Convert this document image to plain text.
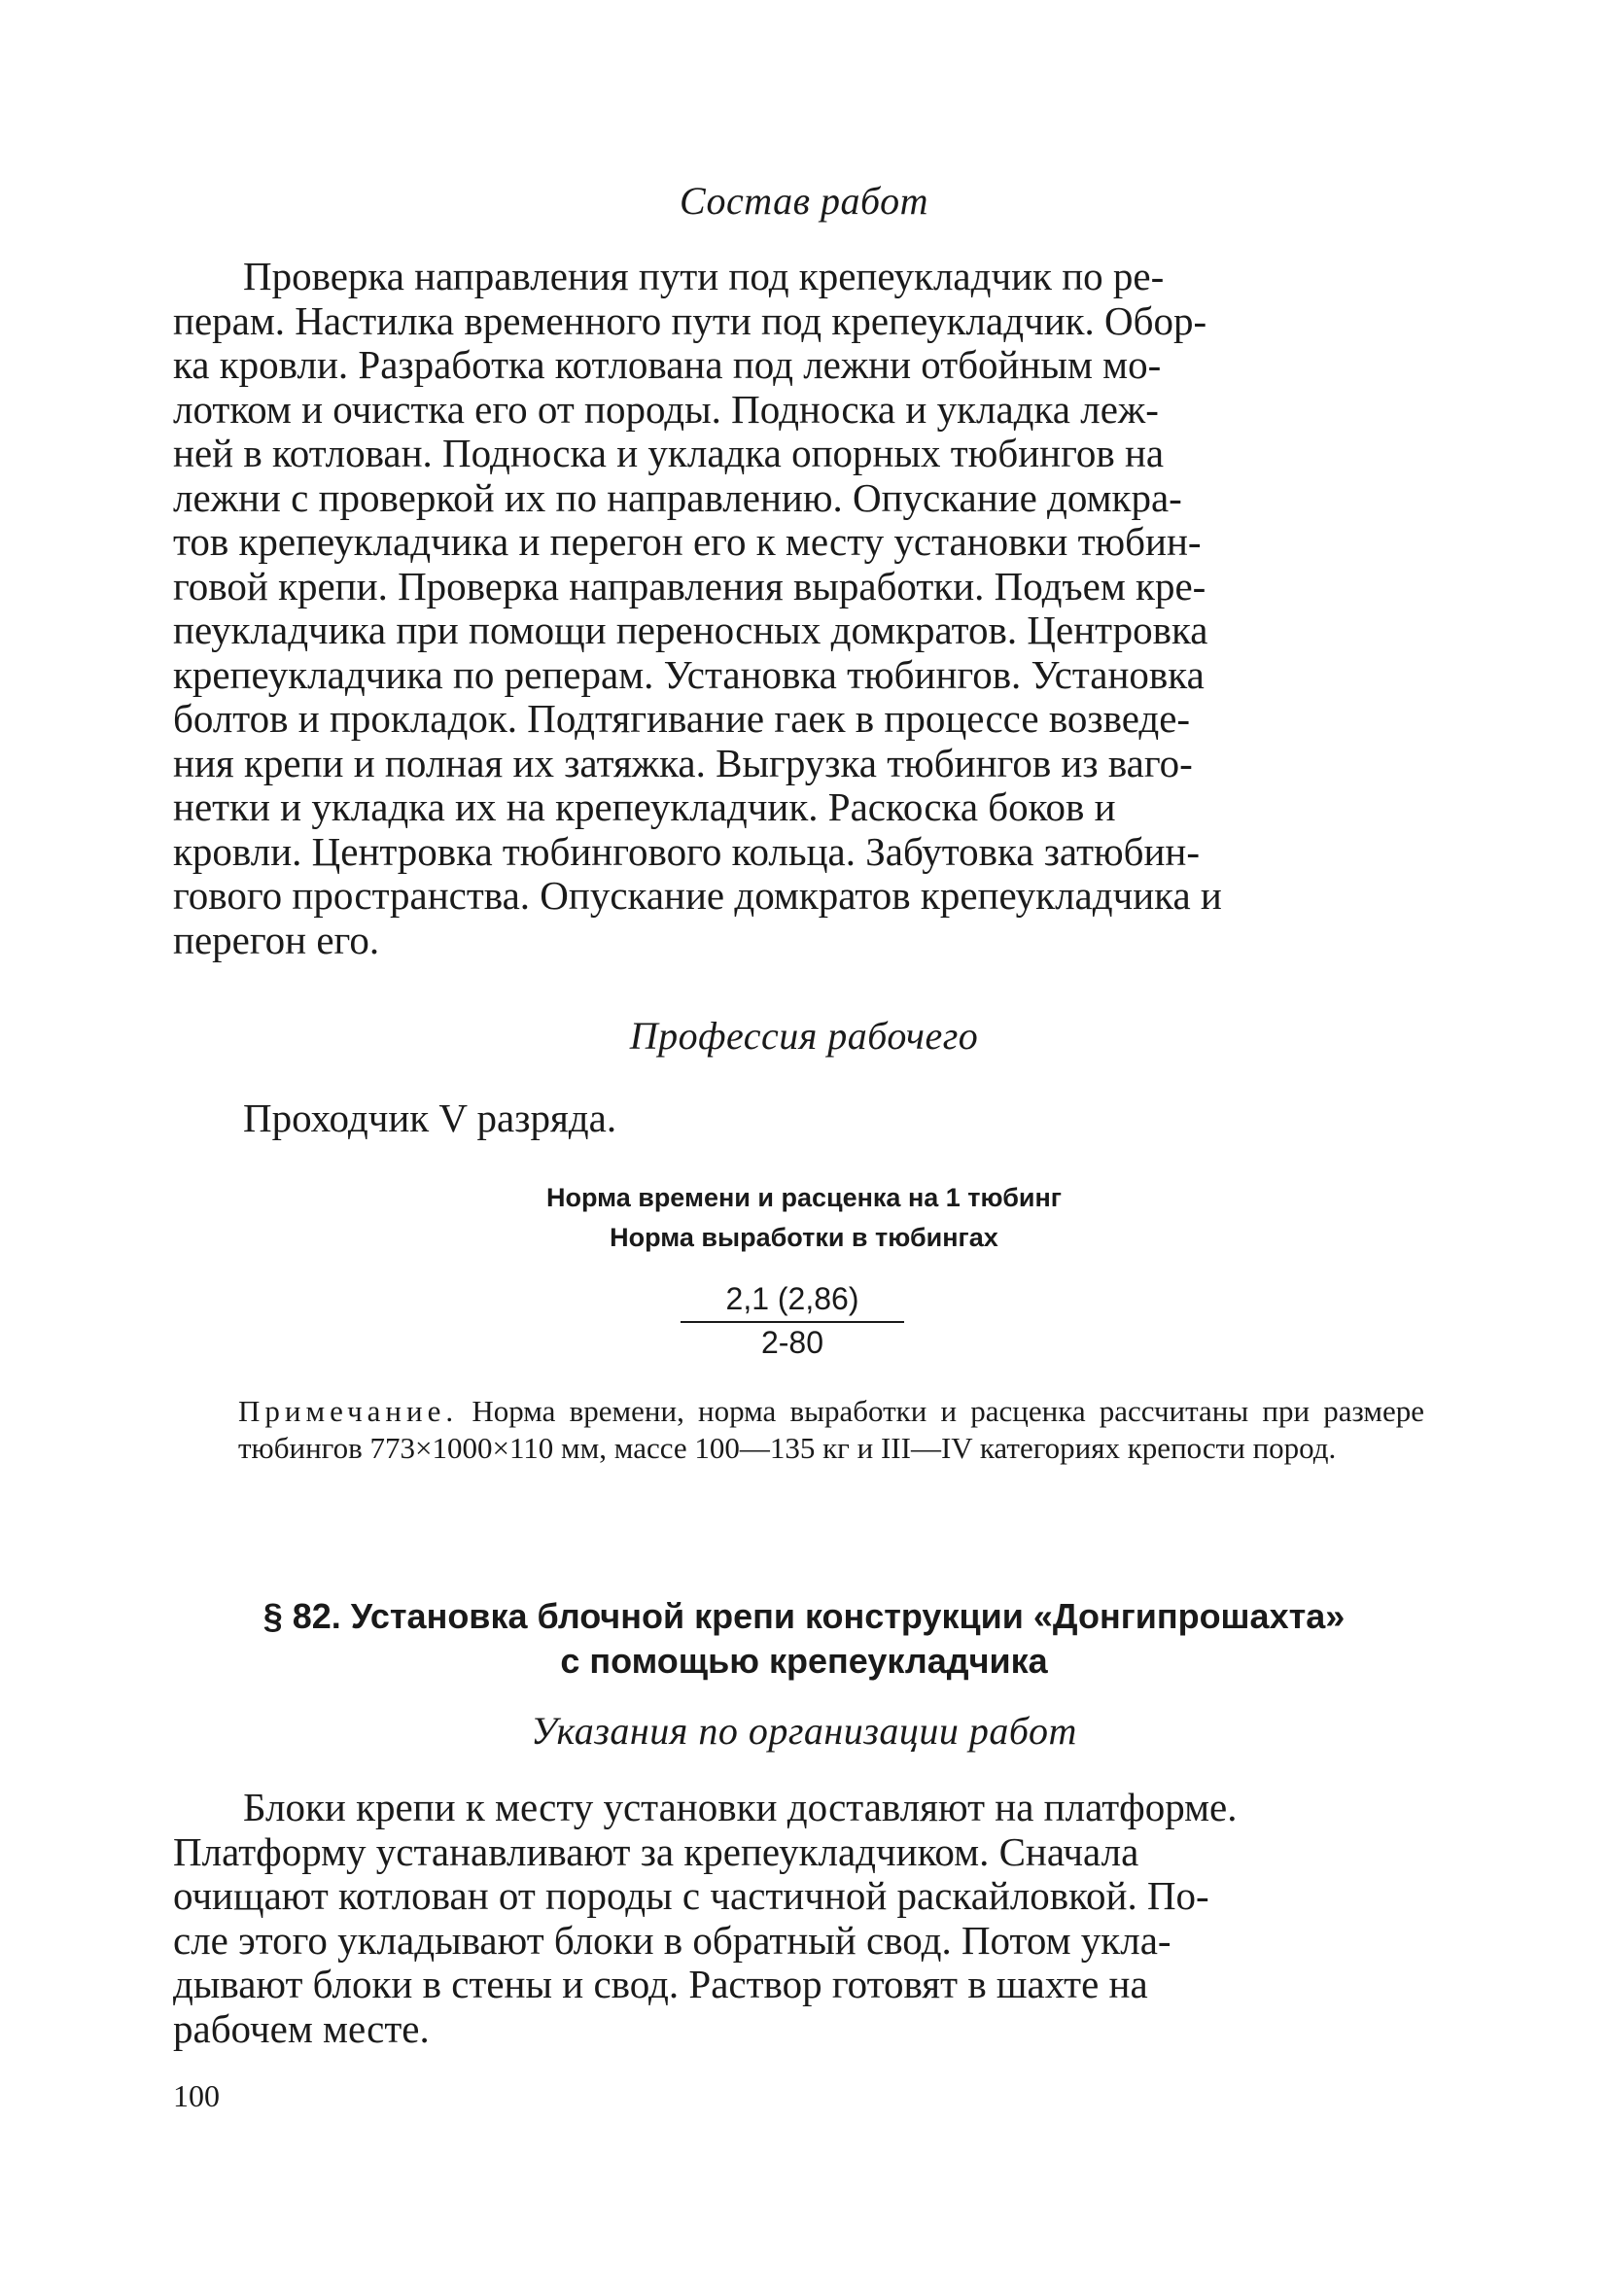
Состав работ

Проверка направления пути под крепеукладчик по ре-

перам. Настилка временного пути под крепеукладчик. Обор-

ка кровли. Разработка котлована под лежни отбойным мо-

лотком и очистка его от породы. Подноска и укладка леж-

ней в котлован. Подноска и укладка опорных тюбингов на

лежни с проверкой их по направлению. Опускание домкра-

тов крепеукладчика и перегон его к месту установки тюбин-

говой крепи. Проверка направления выработки. Подъем кре-

пеукладчика при помощи переносных домкратов. Центровка

крепеукладчика по реперам. Установка тюбингов. Установка

болтов и прокладок. Подтягивание гаек в процессе возведе-

ния крепи и полная их затяжка. Выгрузка тюбингов из ваго-

нетки и укладка их на крепеукладчик. Раскоска боков и

кровли. Центровка тюбингового кольца. Забутовка затюбин-

гового пространства. Опускание домкратов крепеукладчика и

перегон его.

Профессия рабочего
Проходчик V разряда.
Норма времени и расценка на 1 тюбинг
Норма выработки в тюбингах
$\frac{2,1 (2,86)}{2-80}$
Примечание. Норма времени, норма выработки и расценка рассчитаны при размере тюбингов 773×1000×110 мм, массе 100—135 кг и III—IV категориях крепости пород.
§ 82. Установка блочной крепи конструкции «Донгипрошахта»
с помощью крепеукладчика
Указания по организации работ

Блоки крепи к месту установки доставляют на платформе.

Платформу устанавливают за крепеукладчиком. Сначала

очищают котлован от породы с частичной раскайловкой. По-

сле этого укладывают блоки в обратный свод. Потом укла-

дывают блоки в стены и свод. Раствор готовят в шахте на

рабочем месте.

100
